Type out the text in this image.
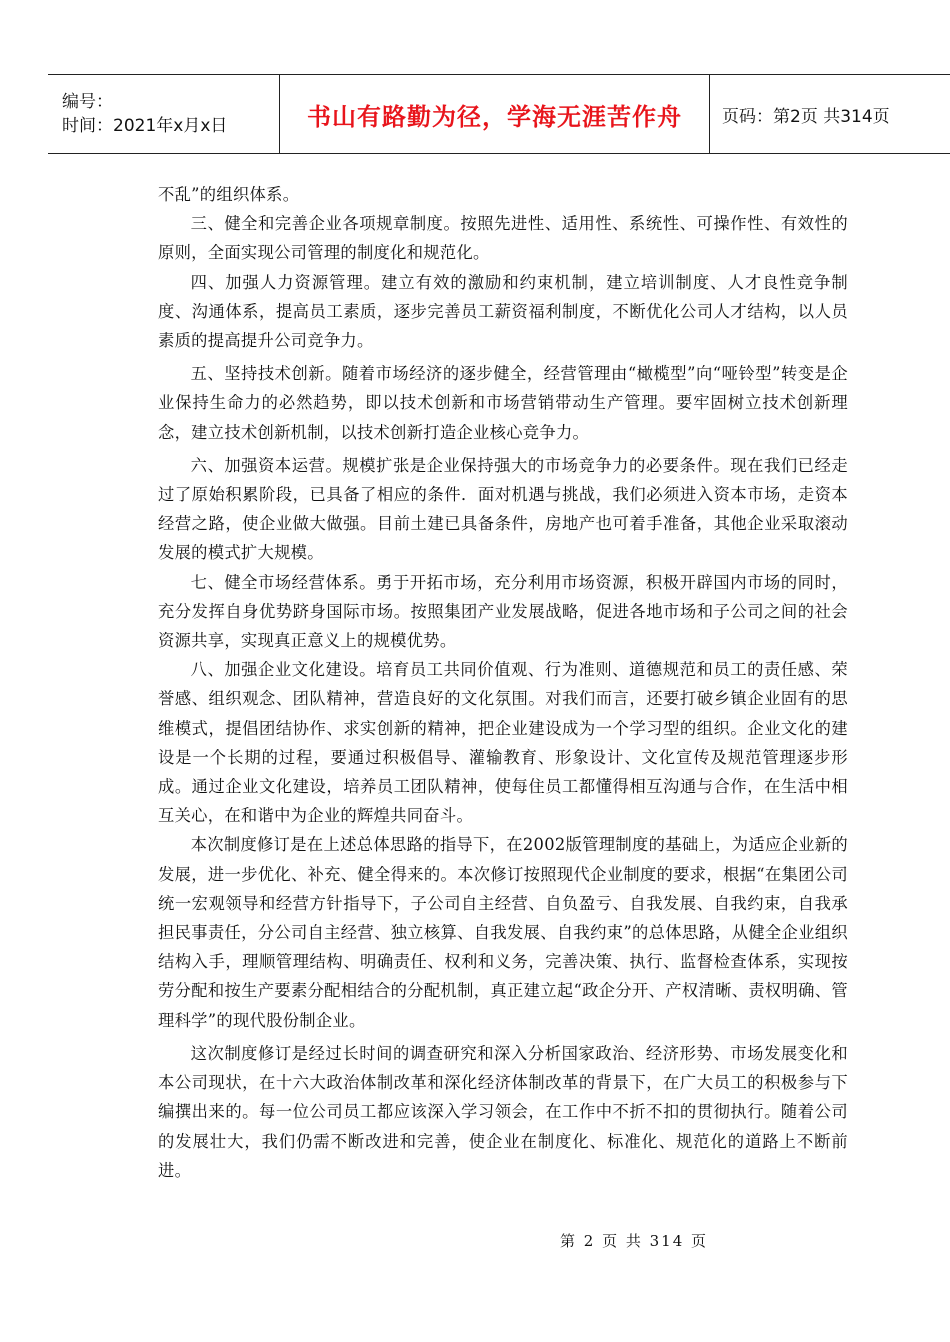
编号：
时间：2021年x月x日	书山有路勤为径，学海无涯苦作舟 页码：第2页 共314页

不乱”的组织体系。

三、健全和完善企业各项规章制度。按照先进性、适用性、系统性、可操作性、有效性的原则，全面实现公司管理的制度化和规范化。

四、加强人力资源管理。建立有效的激励和约束机制，建立培训制度、人才良性竞争制度、沟通体系，提高员工素质，逐步完善员工薪资福利制度，不断优化公司人才结构，以人员素质的提高提升公司竞争力。

五、坚持技术创新。随着市场经济的逐步健全，经营管理由“橄榄型”向“哑铃型”转变是企业保持生命力的必然趋势，即以技术创新和市场营销带动生产管理。要牢固树立技术创新理念，建立技术创新机制，以技术创新打造企业核心竞争力。

六、加强资本运营。规模扩张是企业保持强大的市场竞争力的必要条件。现在我们已经走过了原始积累阶段，已具备了相应的条件．面对机遇与挑战，我们必须进入资本市场，走资本经营之路，使企业做大做强。目前土建已具备条件，房地产也可着手准备，其他企业采取滚动发展的模式扩大规模。

七、健全市场经营体系。勇于开拓市场，充分利用市场资源，积极开辟国内市场的同时，充分发挥自身优势跻身国际市场。按照集团产业发展战略，促进各地市场和子公司之间的社会资源共享，实现真正意义上的规模优势。

八、加强企业文化建设。培育员工共同价值观、行为准则、道德规范和员工的责任感、荣誉感、组织观念、团队精神，营造良好的文化氛围。对我们而言，还要打破乡镇企业固有的思维模式，提倡团结协作、求实创新的精神，把企业建设成为一个学习型的组织。企业文化的建设是一个长期的过程，要通过积极倡导、灌输教育、形象设计、文化宣传及规范管理逐步形成。通过企业文化建设，培养员工团队精神，使每住员工都懂得相互沟通与合作，在生活中相互关心，在和谐中为企业的辉煌共同奋斗。

本次制度修订是在上述总体思路的指导下，在2002版管理制度的基础上，为适应企业新的发展，进一步优化、补充、健全得来的。本次修订按照现代企业制度的要求，根据“在集团公司统一宏观领导和经营方针指导下，子公司自主经营、自负盈亏、自我发展、自我约束，自我承担民事责任，分公司自主经营、独立核算、自我发展、自我约束”的总体思路，从健全企业组织结构入手，理顺管理结构、明确责任、权利和义务，完善决策、执行、监督检查体系，实现按劳分配和按生产要素分配相结合的分配机制，真正建立起“政企分开、产权清晰、责权明确、管理科学”的现代股份制企业。

这次制度修订是经过长时间的调查研究和深入分析国家政治、经济形势、市场发展变化和本公司现状，在十六大政治体制改革和深化经济体制改革的背景下，在广大员工的积极参与下编撰出来的。每一位公司员工都应该深入学习领会，在工作中不折不扣的贯彻执行。随着公司的发展壮大，我们仍需不断改进和完善，使企业在制度化、标准化、规范化的道路上不断前进。

第 2 页 共 314 页
